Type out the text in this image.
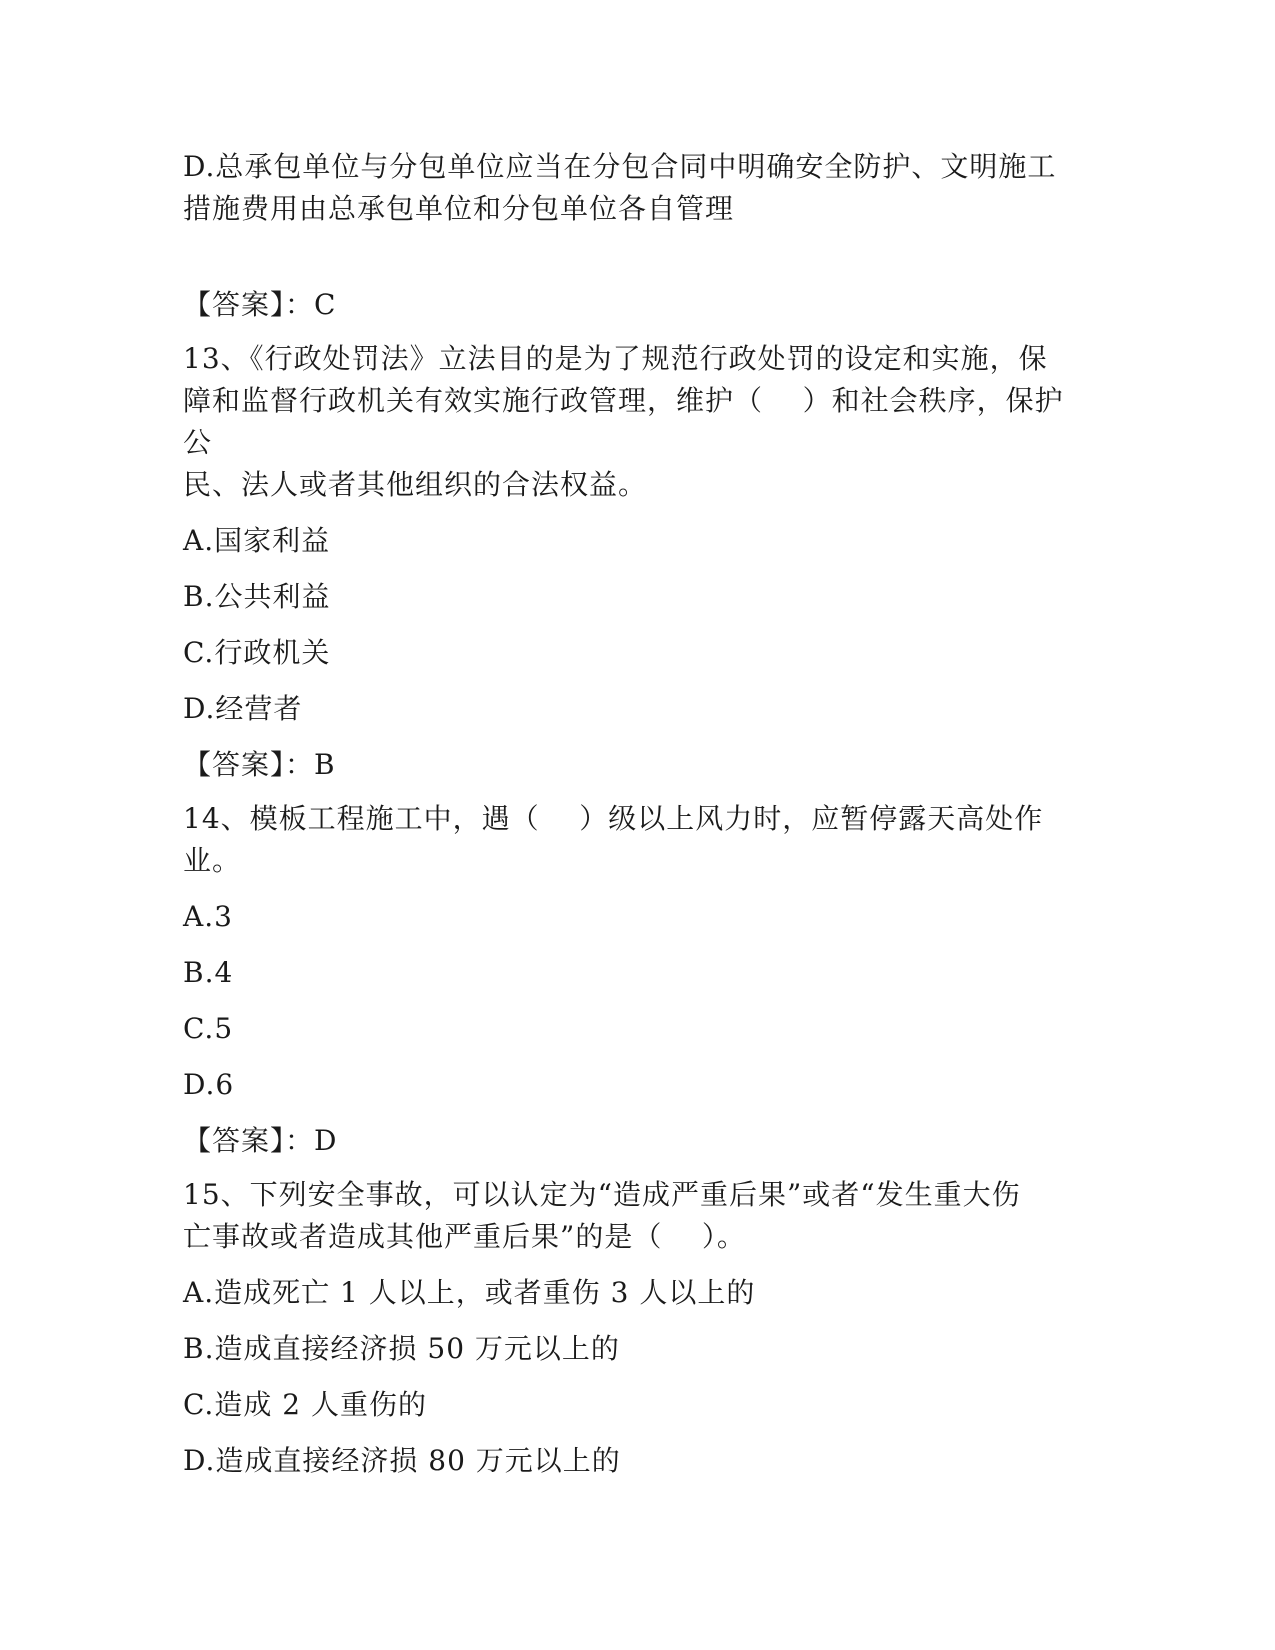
D.总承包单位与分包单位应当在分包合同中明确安全防护、文明施工
措施费用由总承包单位和分包单位各自管理
【答案】：C
13、《行政处罚法》立法目的是为了规范行政处罚的设定和实施，保
障和监督行政机关有效实施行政管理，维护（    ）和社会秩序，保护公
民、法人或者其他组织的合法权益。
A.国家利益
B.公共利益
C.行政机关
D.经营者
【答案】：B
14、模板工程施工中，遇（    ）级以上风力时，应暂停露天高处作业。
A.3
B.4
C.5
D.6
【答案】：D
15、下列安全事故，可以认定为“造成严重后果”或者“发生重大伤
亡事故或者造成其他严重后果”的是（    ）。
A.造成死亡 1 人以上，或者重伤 3 人以上的
B.造成直接经济损 50 万元以上的
C.造成 2 人重伤的
D.造成直接经济损 80 万元以上的
